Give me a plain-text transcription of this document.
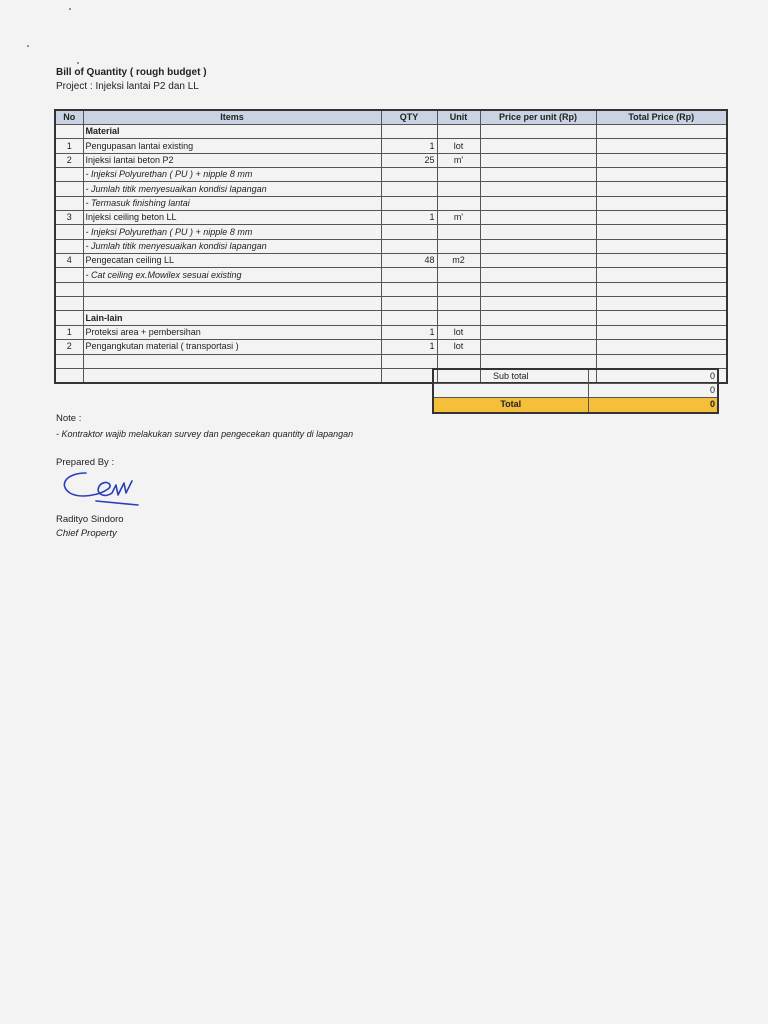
Bill of Quantity ( rough budget )
Project : Injeksi lantai P2 dan LL
No	Items	QTY	Unit	Price per unit (Rp)	Total Price (Rp)
	Material				
1	Pengupasan lantai existing	1	lot		
2	Injeksi lantai beton P2	25	m'		
	- Injeksi Polyurethan ( PU ) + nipple 8 mm				
	- Jumlah titik menyesuaikan kondisi lapangan				
	- Termasuk finishing lantai				
3	Injeksi ceiling beton LL	1	m'		
	- Injeksi Polyurethan ( PU ) + nipple 8 mm				
	- Jumlah titik menyesuaikan kondisi lapangan				
4	Pengecatan ceiling LL	48	m2		
	- Cat ceiling ex.Mowilex sesuai existing				

	Lain-lain				
1	Proteksi area + pembersihan	1	lot		
2	Pengangkutan material ( transportasi )	1	lot		

Sub total	0
	0
Total	0
Note :
- Kontraktor wajib melakukan survey dan pengecekan quantity di lapangan
Prepared By :
Radityo Sindoro
Chief Property
